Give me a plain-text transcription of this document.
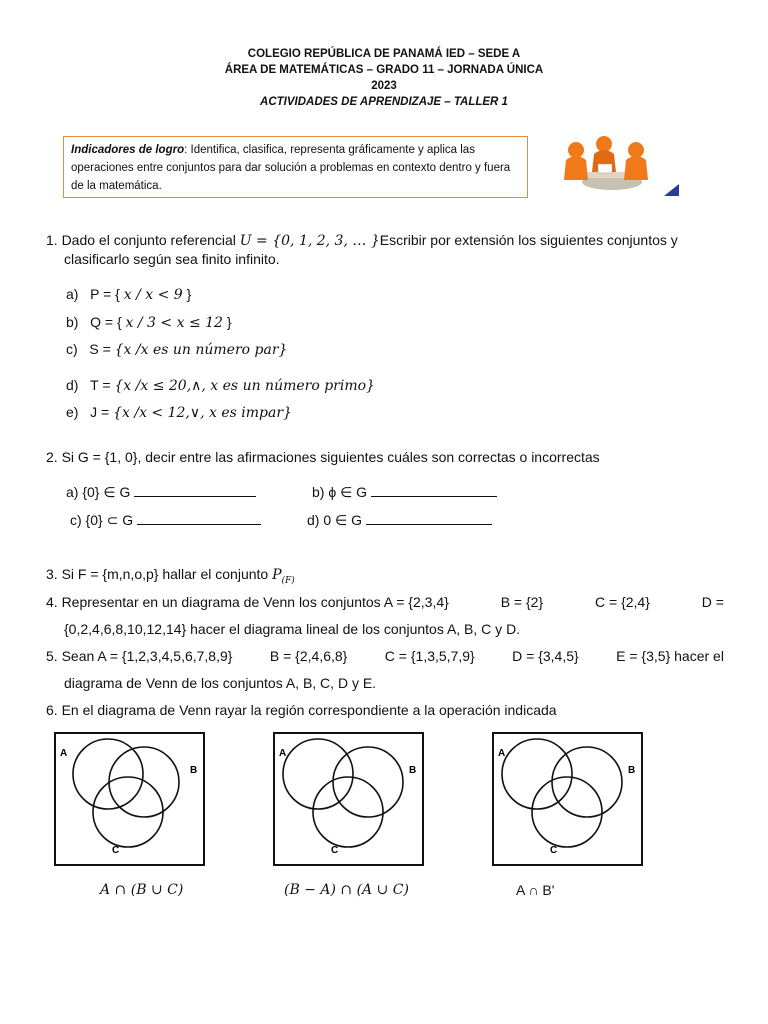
COLEGIO REPÚBLICA DE PANAMÁ IED – SEDE A
ÁREA DE MATEMÁTICAS – GRADO 11 – JORNADA ÚNICA
2023
ACTIVIDADES DE APRENDIZAJE – TALLER 1
Indicadores de logro: Identifica, clasifica, representa gráficamente y aplica las operaciones entre conjuntos para dar solución a problemas en contexto dentro y fuera de la matemática.
1. Dado el conjunto referencial U = {0, 1, 2, 3, … }Escribir por extensión los siguientes conjuntos y
clasificarlo según sea finito infinito.
a) P = { x / x < 9 }
b) Q = { x / 3 < x ≤ 12 }
c) S = {x /x es un número par}
d) T = {x /x ≤ 20,∧, x es un número primo}
e) J = {x /x < 12,∨, x es impar}
2. Si G = {1, 0}, decir entre las afirmaciones siguientes cuáles son correctas o incorrectas
a) {0} ∈ G	b) ϕ ∈ G
c) {0} ⊂ G	d) 0 ∈ G
3. Si F = {m,n,o,p} hallar el conjunto $P_{(F)}$
4. Representar en un diagrama de Venn los conjuntos A = {2,3,4}	B = {2}	C = {2,4}	D =
{0,2,4,6,8,10,12,14} hacer el diagrama lineal de los conjuntos A, B, C y D.
5. Sean A = {1,2,3,4,5,6,7,8,9}	B = {2,4,6,8}	C = {1,3,5,7,9}	D = {3,4,5}	E = {3,5} hacer el
diagrama de Venn de los conjuntos A, B, C, D y E.
6. En el diagrama de Venn rayar la región correspondiente a la operación indicada
A
B
C
A
B
C
A
B
C
A ∩ (B ∪ C)	(B − A) ∩ (A ∪ C)	A ∩ B'
